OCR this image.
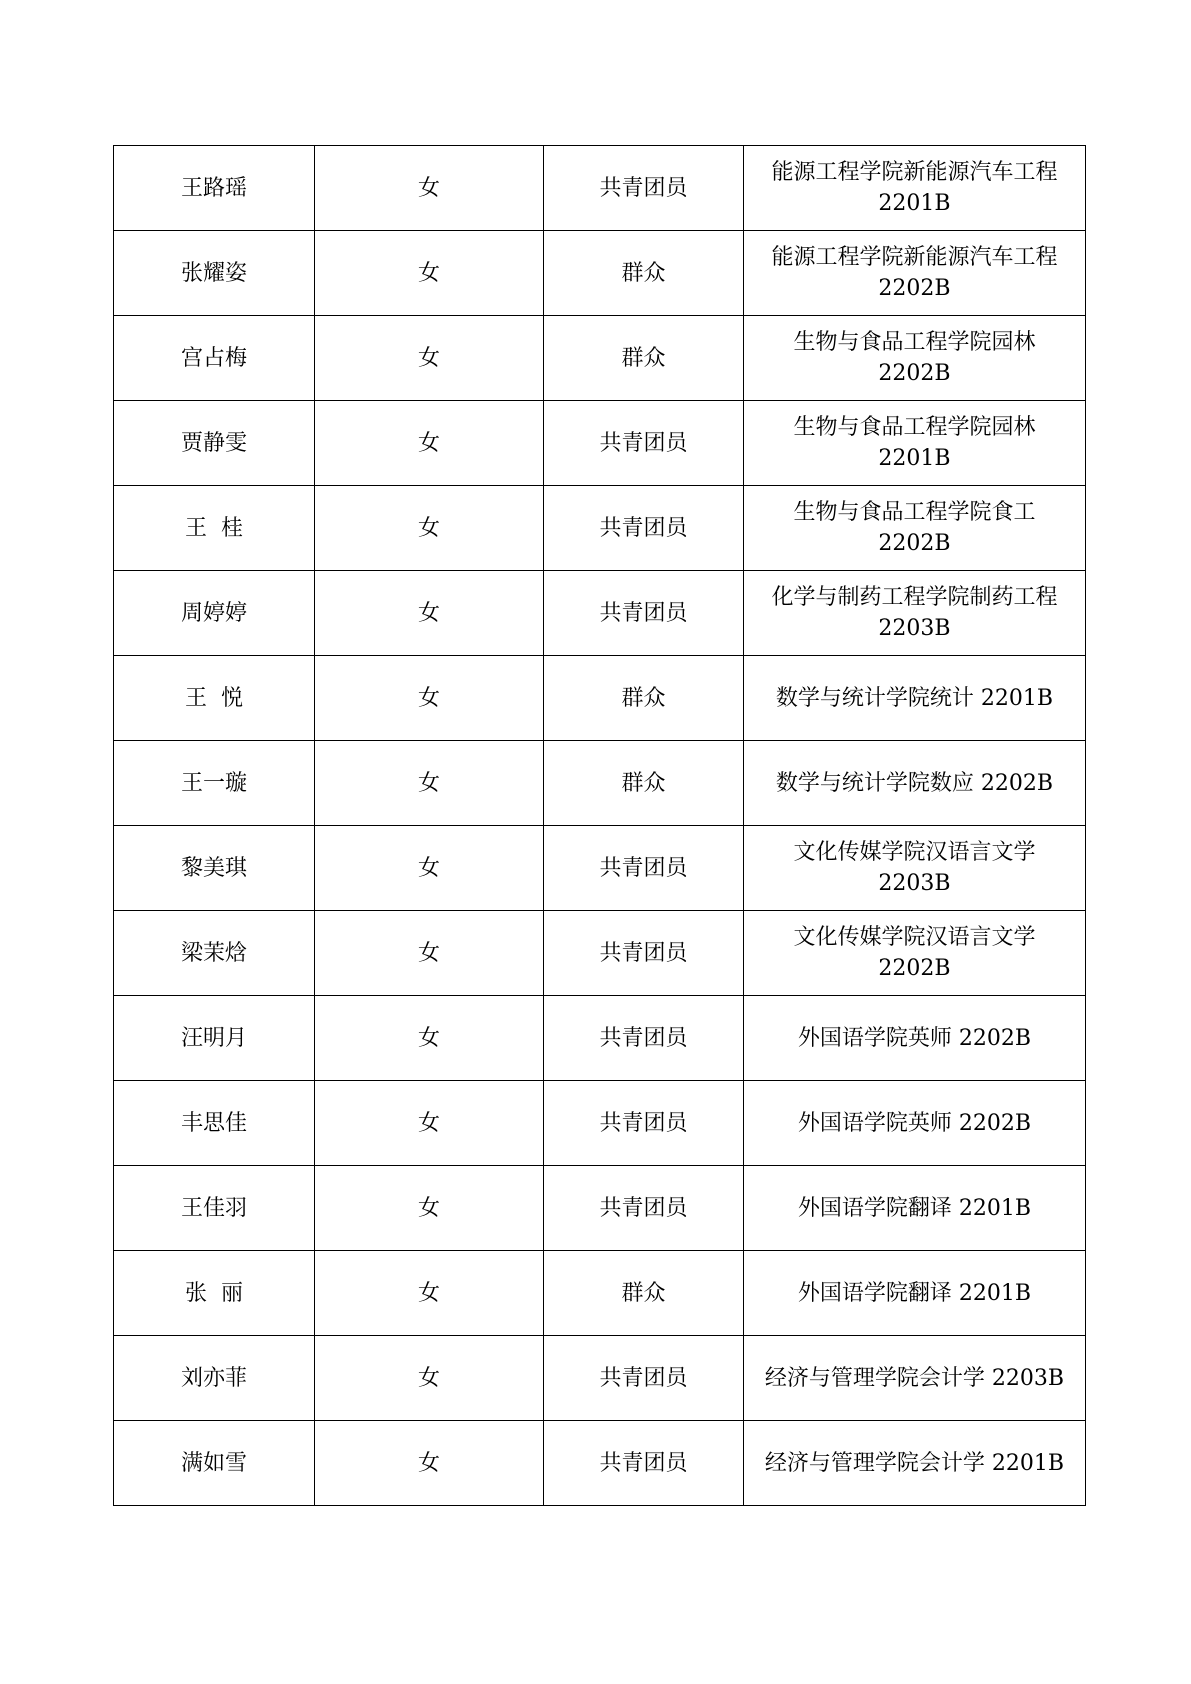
王路瑶	女	共青团员	能源工程学院新能源汽车工程
2201B

张耀姿	女	群众	能源工程学院新能源汽车工程
2202B

宫占梅	女	群众	生物与食品工程学院园林
2202B

贾静雯	女	共青团员	生物与食品工程学院园林
2201B

王  桂	女	共青团员	生物与食品工程学院食工
2202B

周婷婷	女	共青团员	化学与制药工程学院制药工程
2203B

王  悦	女	群众	数学与统计学院统计 2201B

王一璇	女	群众	数学与统计学院数应 2202B

黎美琪	女	共青团员	文化传媒学院汉语言文学
2203B

梁茉焓	女	共青团员	文化传媒学院汉语言文学
2202B

汪明月	女	共青团员	外国语学院英师 2202B

丰思佳	女	共青团员	外国语学院英师 2202B

王佳羽	女	共青团员	外国语学院翻译 2201B

张  丽	女	群众	外国语学院翻译 2201B

刘亦菲	女	共青团员	经济与管理学院会计学 2203B

满如雪	女	共青团员	经济与管理学院会计学 2201B
